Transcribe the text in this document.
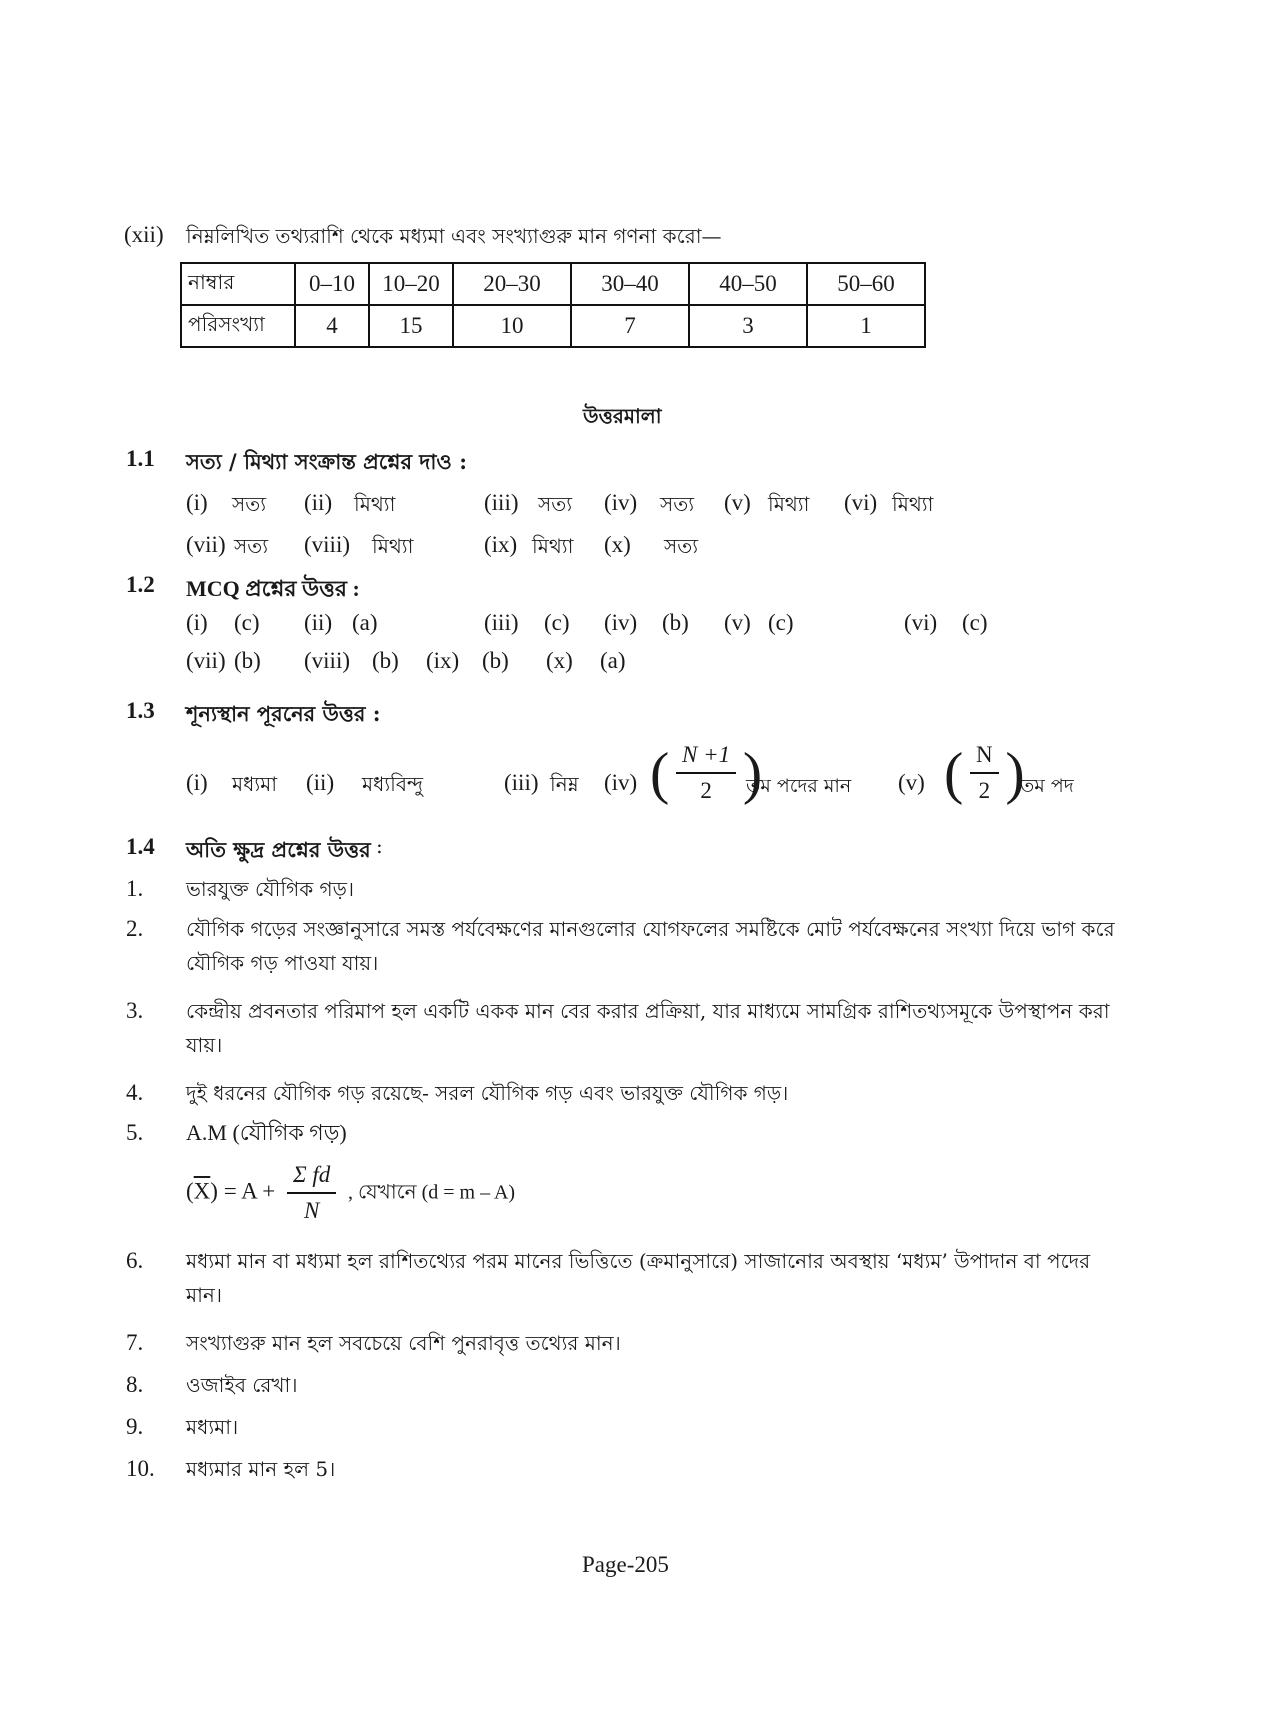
(xii) নিম্নলিখিত তথ্যরাশি থেকে মধ্যমা এবং সংখ্যাগুরু মান গণনা করো—
নাম্বার	0–10	10–20	20–30	30–40	40–50	50–60
পরিসংখ্যা	4	15	10	7	3	1
উত্তরমালা
1.1 সত্য / মিথ্যা সংক্রান্ত প্রশ্নের দাও :
(i) সত্য (ii) মিথ্যা	(iii) সত্য (iv) সত্য (v) মিথ্যা (vi) মিথ্যা
(vii) সত্য (viii) মিথ্যা	(ix) মিথ্যা (x) সত্য
1.2 MCQ প্রশ্নের উত্তর :
(i) (c) (ii) (a)	(iii) (c) (iv) (b) (v) (c)	(vi) (c)
(vii) (b) (viii) (b) (ix) (b) (x) (a)
1.3 শূন্যস্থান পূরনের উত্তর :
(i) মধ্যমা (ii) মধ্যবিন্দু	(iii) নিম্ন (iv) ( $\frac{N +1}{2}$ )
তম পদের মান (v) ( $\frac{N}{2}$ )
তম পদ
1.4 অতি ক্ষুদ্র প্রশ্নের উত্তর :
1. ভারযুক্ত যৌগিক গড়।
2. যৌগিক গড়ের সংজ্ঞানুসারে সমস্ত পর্যবেক্ষণের মানগুলোর যোগফলের সমষ্টিকে মোট পর্যবেক্ষনের সংখ্যা দিয়ে ভাগ করে যৌগিক গড় পাওযা যায়।
3. কেন্দ্রীয় প্রবনতার পরিমাপ হল একটি একক মান বের করার প্রক্রিয়া, যার মাধ্যমে সামগ্রিক রাশিতথ্যসমূকে উপস্থাপন করা যায়।
4. দুই ধরনের যৌগিক গড় রয়েছে- সরল যৌগিক গড় এবং ভারযুক্ত যৌগিক গড়।
5. A.M (যৌগিক গড়)
$(\overline{X}) = A + \frac{\text{Σ fd}}{N}$ , যেখানে (d = m – A)
6. মধ্যমা মান বা মধ্যমা হল রাশিতথ্যের পরম মানের ভিত্তিতে (ক্রমানুসারে) সাজানোর অবস্থায় ‘মধ্যম’ উপাদান বা পদের মান।
7. সংখ্যাগুরু মান হল সবচেয়ে বেশি পুনরাবৃত্ত তথ্যের মান।
8. ওজাইব রেখা।
9. মধ্যমা।
10. মধ্যমার মান হল 5।
Page-205
